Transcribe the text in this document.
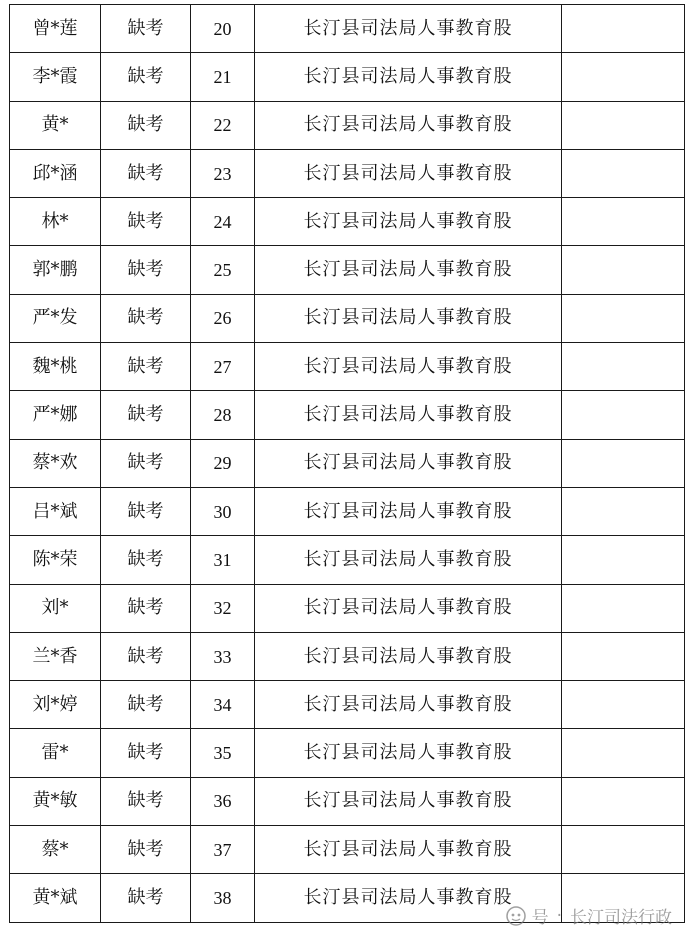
曾*莲	缺考	20	长汀县司法局人事教育股	
李*霞	缺考	21	长汀县司法局人事教育股	
黄*	缺考	22	长汀县司法局人事教育股	
邱*涵	缺考	23	长汀县司法局人事教育股	
林*	缺考	24	长汀县司法局人事教育股	
郭*鹏	缺考	25	长汀县司法局人事教育股	
严*发	缺考	26	长汀县司法局人事教育股	
魏*桃	缺考	27	长汀县司法局人事教育股	
严*娜	缺考	28	长汀县司法局人事教育股	
蔡*欢	缺考	29	长汀县司法局人事教育股	
吕*斌	缺考	30	长汀县司法局人事教育股	
陈*荣	缺考	31	长汀县司法局人事教育股	
刘*	缺考	32	长汀县司法局人事教育股	
兰*香	缺考	33	长汀县司法局人事教育股	
刘*婷	缺考	34	长汀县司法局人事教育股	
雷*	缺考	35	长汀县司法局人事教育股	
黄*敏	缺考	36	长汀县司法局人事教育股	
蔡*	缺考	37	长汀县司法局人事教育股	
黄*斌	缺考	38	长汀县司法局人事教育股	
号 · 长汀司法行政
